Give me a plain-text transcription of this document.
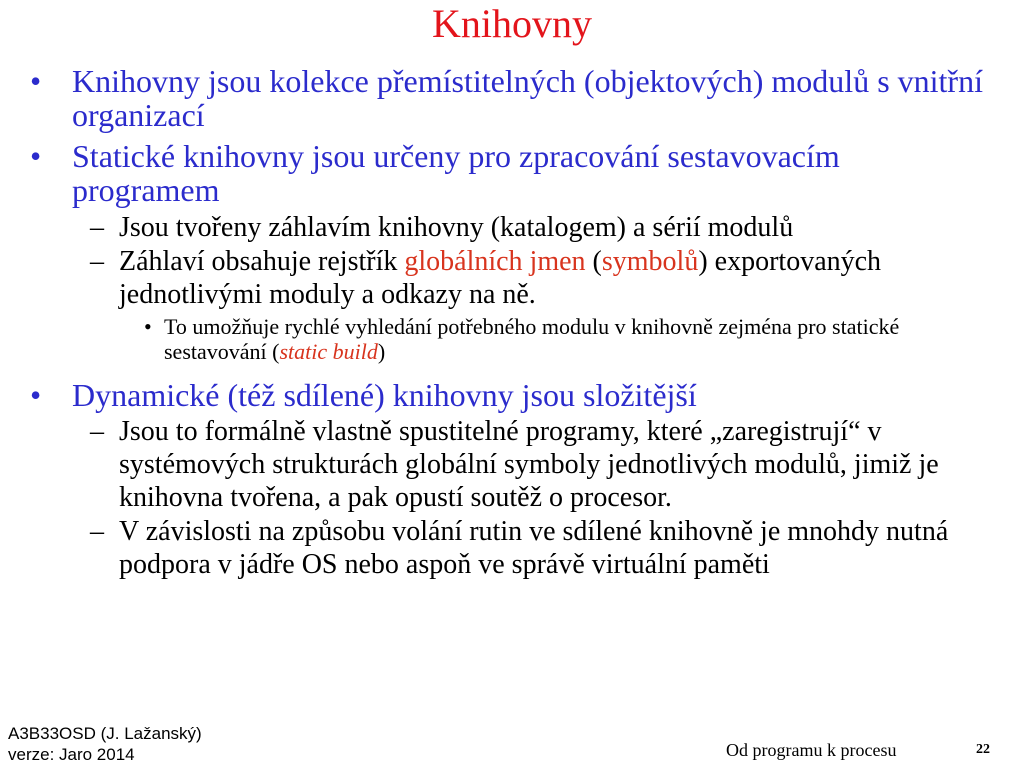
Knihovny
• Knihovny jsou kolekce přemístitelných (objektových) modulů s vnitřní organizací
• Statické knihovny jsou určeny pro zpracování sestavovacím programem
– Jsou tvořeny záhlavím knihovny (katalogem) a sérií modulů
– Záhlaví obsahuje rejstřík globálních jmen (symbolů) exportovaných jednotlivými moduly a odkazy na ně.
• To umožňuje rychlé vyhledání potřebného modulu v knihovně zejména pro statické sestavování (static build)
• Dynamické (též sdílené) knihovny jsou složitější
– Jsou to formálně vlastně spustitelné programy, které „zaregistrují“ v systémových strukturách globální symboly jednotlivých modulů, jimiž je knihovna tvořena, a pak opustí soutěž o procesor.
– V závislosti na způsobu volání rutin ve sdílené knihovně je mnohdy nutná podpora v jádře OS nebo aspoň ve správě virtuální paměti
A3B33OSD (J. Lažanský)
verze: Jaro 2014	Od programu k procesu	22
